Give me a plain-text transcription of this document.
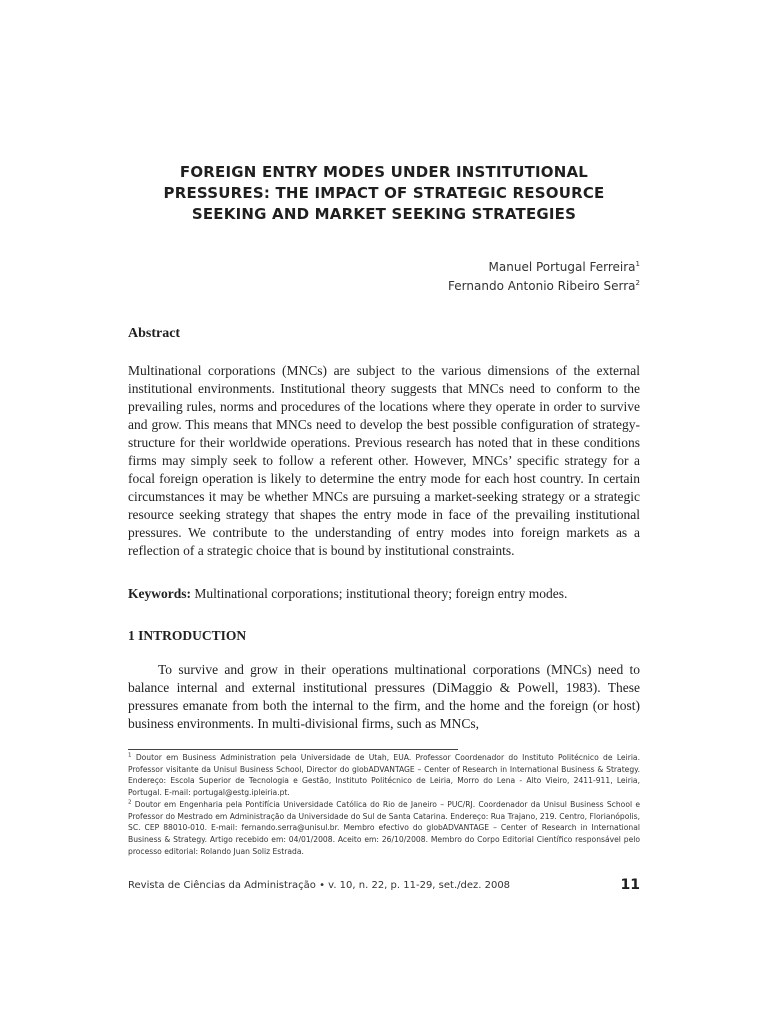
FOREIGN ENTRY MODES UNDER INSTITUTIONAL
PRESSURES: THE IMPACT OF STRATEGIC RESOURCE
SEEKING AND MARKET SEEKING STRATEGIES
Manuel Portugal Ferreira$^1$
Fernando Antonio Ribeiro Serra$^2$
Abstract

Multinational corporations (MNCs) are subject to the various dimensions of the external institutional environments. Institutional theory suggests that MNCs need to conform to the prevailing rules, norms and procedures of the locations where they operate in order to survive and grow. This means that MNCs need to develop the best possible configuration of strategy-structure for their worldwide operations. Previous research has noted that in these conditions firms may simply seek to follow a referent other. However, MNCs’ specific strategy for a focal foreign operation is likely to determine the entry mode for each host country. In certain circumstances it may be whether MNCs are pursuing a market-seeking strategy or a strategic resource seeking strategy that shapes the entry mode in face of the prevailing institutional pressures. We contribute to the understanding of entry modes into foreign markets as a reflection of a strategic choice that is bound by institutional constraints.

Keywords: Multinational corporations; institutional theory; foreign entry modes.

1 INTRODUCTION

To survive and grow in their operations multinational corporations (MNCs) need to balance internal and external institutional pressures (DiMaggio & Powell, 1983). These pressures emanate from both the internal to the firm, and the home and the foreign (or host) business environments. In multi-divisional firms, such as MNCs,

$^1$ Doutor em Business Administration pela Universidade de Utah, EUA. Professor Coordenador do Instituto Politécnico de Leiria. Professor visitante da Unisul Business School, Director do globADVANTAGE – Center of Research in International Business & Strategy. Endereço: Escola Superior de Tecnologia e Gestão, Instituto Politécnico de Leiria, Morro do Lena - Alto Vieiro, 2411-911, Leiria, Portugal. E-mail: portugal@estg.ipleiria.pt.

$^2$ Doutor em Engenharia pela Pontifícia Universidade Católica do Rio de Janeiro – PUC/RJ. Coordenador da Unisul Business School e Professor do Mestrado em Administração da Universidade do Sul de Santa Catarina. Endereço: Rua Trajano, 219. Centro, Florianópolis, SC. CEP 88010-010. E-mail: fernando.serra@unisul.br. Membro efectivo do globADVANTAGE – Center of Research in International Business & Strategy. Artigo recebido em: 04/01/2008. Aceito em: 26/10/2008. Membro do Corpo Editorial Científico responsável pelo processo editorial: Rolando Juan Soliz Estrada.

Revista de Ciências da Administração • v. 10, n. 22, p. 11-29, set./dez. 2008	11
